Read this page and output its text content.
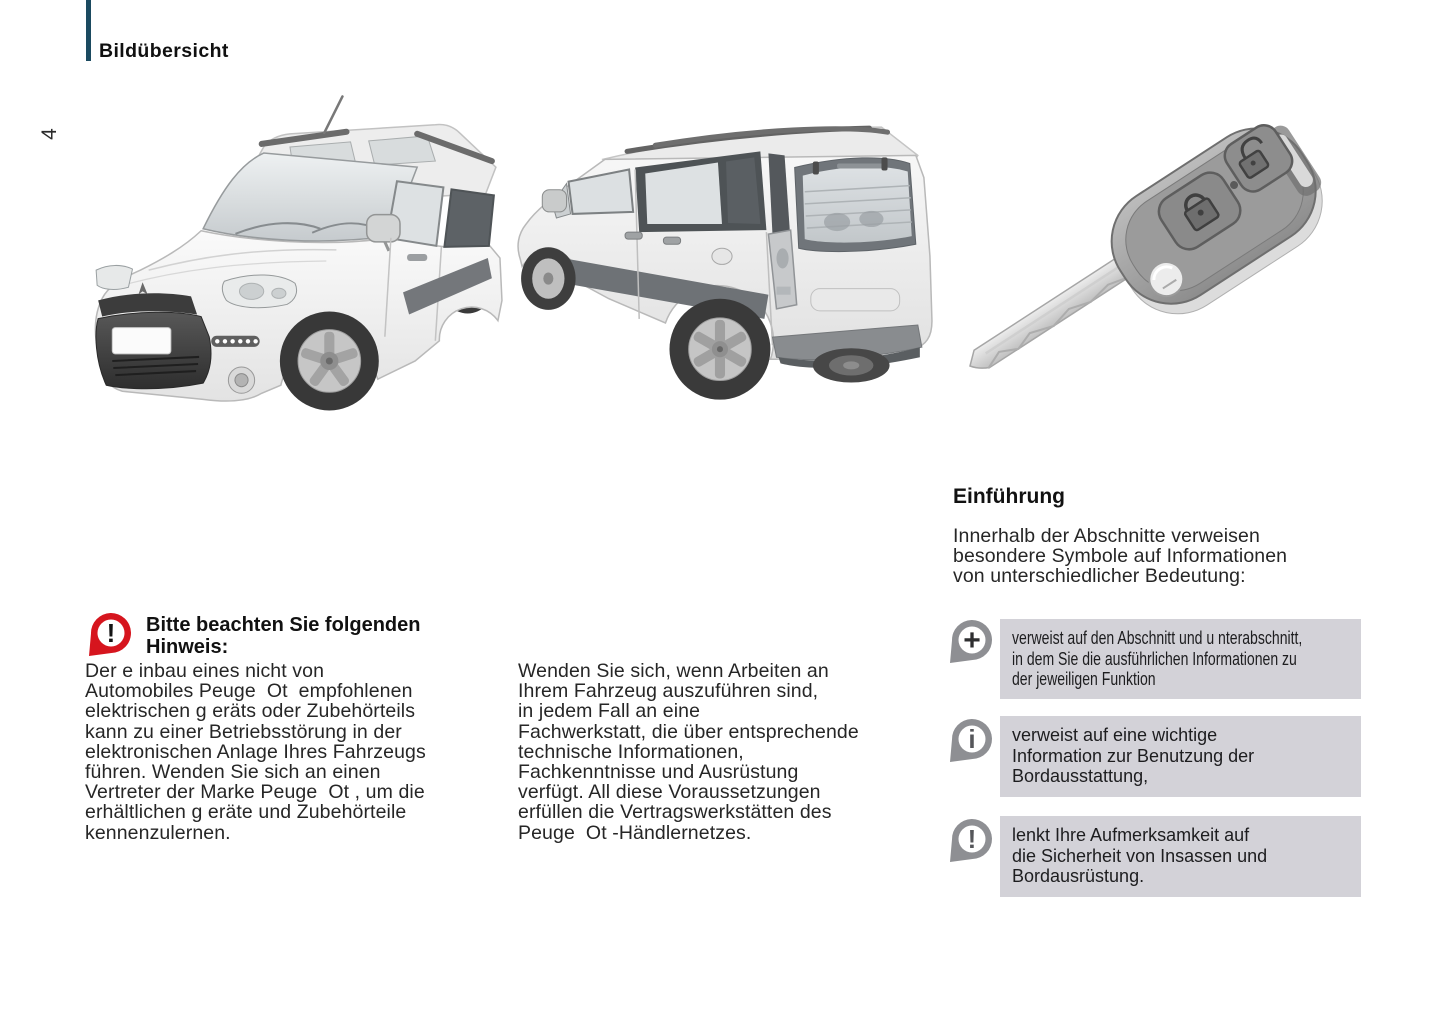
Bildübersicht
4
! Bitte beachten Sie folgenden
Hinweis:
Der e inbau eines nicht von
Automobiles Peuge  Ot  empfohlenen
elektrischen g eräts oder Zubehörteils
kann zu einer Betriebsstörung in der
elektronischen Anlage Ihres Fahrzeugs
führen. Wenden Sie sich an einen
Vertreter der Marke Peuge  Ot , um die
erhältlichen g eräte und Zubehörteile
kennenzulernen.
Wenden Sie sich, wenn Arbeiten an
Ihrem Fahrzeug auszuführen sind,
in jedem Fall an eine
Fachwerkstatt, die über entsprechende
technische Informationen,
Fachkenntnisse und Ausrüstung
verfügt. All diese Voraussetzungen
erfüllen die Vertragswerkstätten des
Peuge  Ot -Händlernetzes.
Einführung
Innerhalb der Abschnitte verweisen
besondere Symbole auf Informationen
von unterschiedlicher Bedeutung:
+ verweist auf den Abschnitt und u nterabschnitt,
in dem Sie die ausführlichen Informationen zu
der jeweiligen Funktion
i verweist auf eine wichtige
Information zur Benutzung der
Bordausstattung,
! lenkt Ihre Aufmerksamkeit auf
die Sicherheit von Insassen und
Bordausrüstung.
